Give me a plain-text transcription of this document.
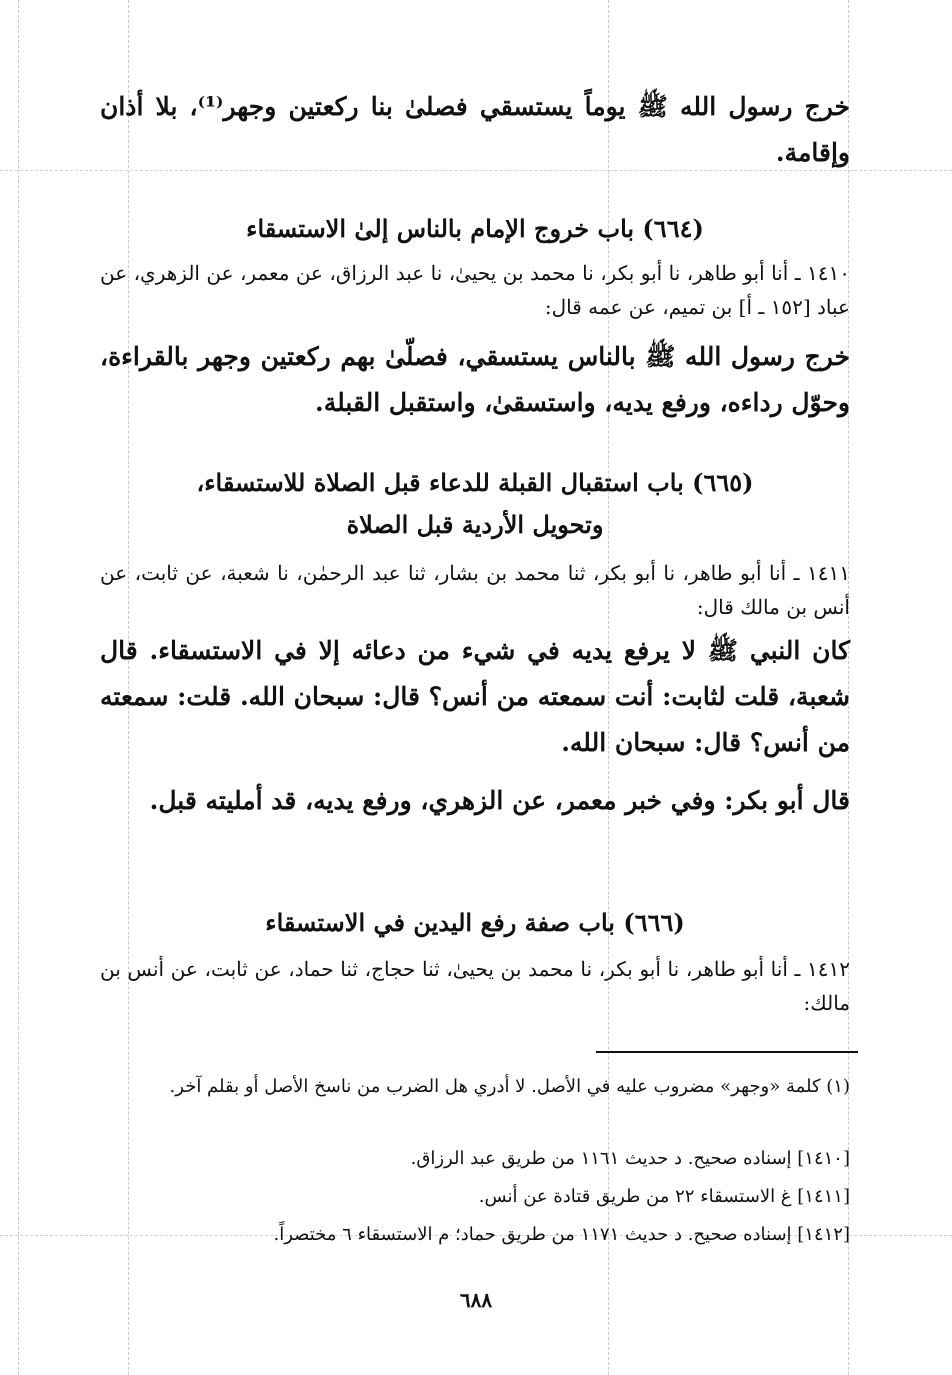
خرج رسول الله ﷺ يوماً يستسقي فصلىٰ بنا ركعتين وجهر⁽¹⁾، بلا أذان وإقامة.
(٦٦٤) باب خروج الإمام بالناس إلىٰ الاستسقاء
١٤١٠ ـ أنا أبو طاهر، نا أبو بكر، نا محمد بن يحيىٰ، نا عبد الرزاق، عن معمر، عن الزهري، عن عباد [١٥٢ ـ أ] بن تميم، عن عمه قال:
خرج رسول الله ﷺ بالناس يستسقي، فصلّىٰ بهم ركعتين وجهر بالقراءة، وحوّل رداءه، ورفع يديه، واستسقىٰ، واستقبل القبلة.
(٦٦٥) باب استقبال القبلة للدعاء قبل الصلاة للاستسقاء،
وتحويل الأردية قبل الصلاة
١٤١١ ـ أنا أبو طاهر، نا أبو بكر، ثنا محمد بن بشار، ثنا عبد الرحمٰن، نا شعبة، عن ثابت، عن أنس بن مالك قال:
كان النبي ﷺ لا يرفع يديه في شيء من دعائه إلا في الاستسقاء. قال شعبة، قلت لثابت: أنت سمعته من أنس؟ قال: سبحان الله. قلت: سمعته من أنس؟ قال: سبحان الله.
قال أبو بكر: وفي خبر معمر، عن الزهري، ورفع يديه، قد أمليته قبل.
(٦٦٦) باب صفة رفع اليدين في الاستسقاء
١٤١٢ ـ أنا أبو طاهر، نا أبو بكر، نا محمد بن يحيىٰ، ثنا حجاج، ثنا حماد، عن ثابت، عن أنس بن مالك:
(١) كلمة «وجهر» مضروب عليه في الأصل. لا أدري هل الضرب من ناسخ الأصل أو بقلم آخر.
[١٤١٠] إسناده صحيح. د حديث ١١٦١ من طريق عبد الرزاق.
[١٤١١] غ الاستسقاء ٢٢ من طريق قتادة عن أنس.
[١٤١٢] إسناده صحيح. د حديث ١١٧١ من طريق حماد؛ م الاستسقاء ٦ مختصراً.
٦٨٨
